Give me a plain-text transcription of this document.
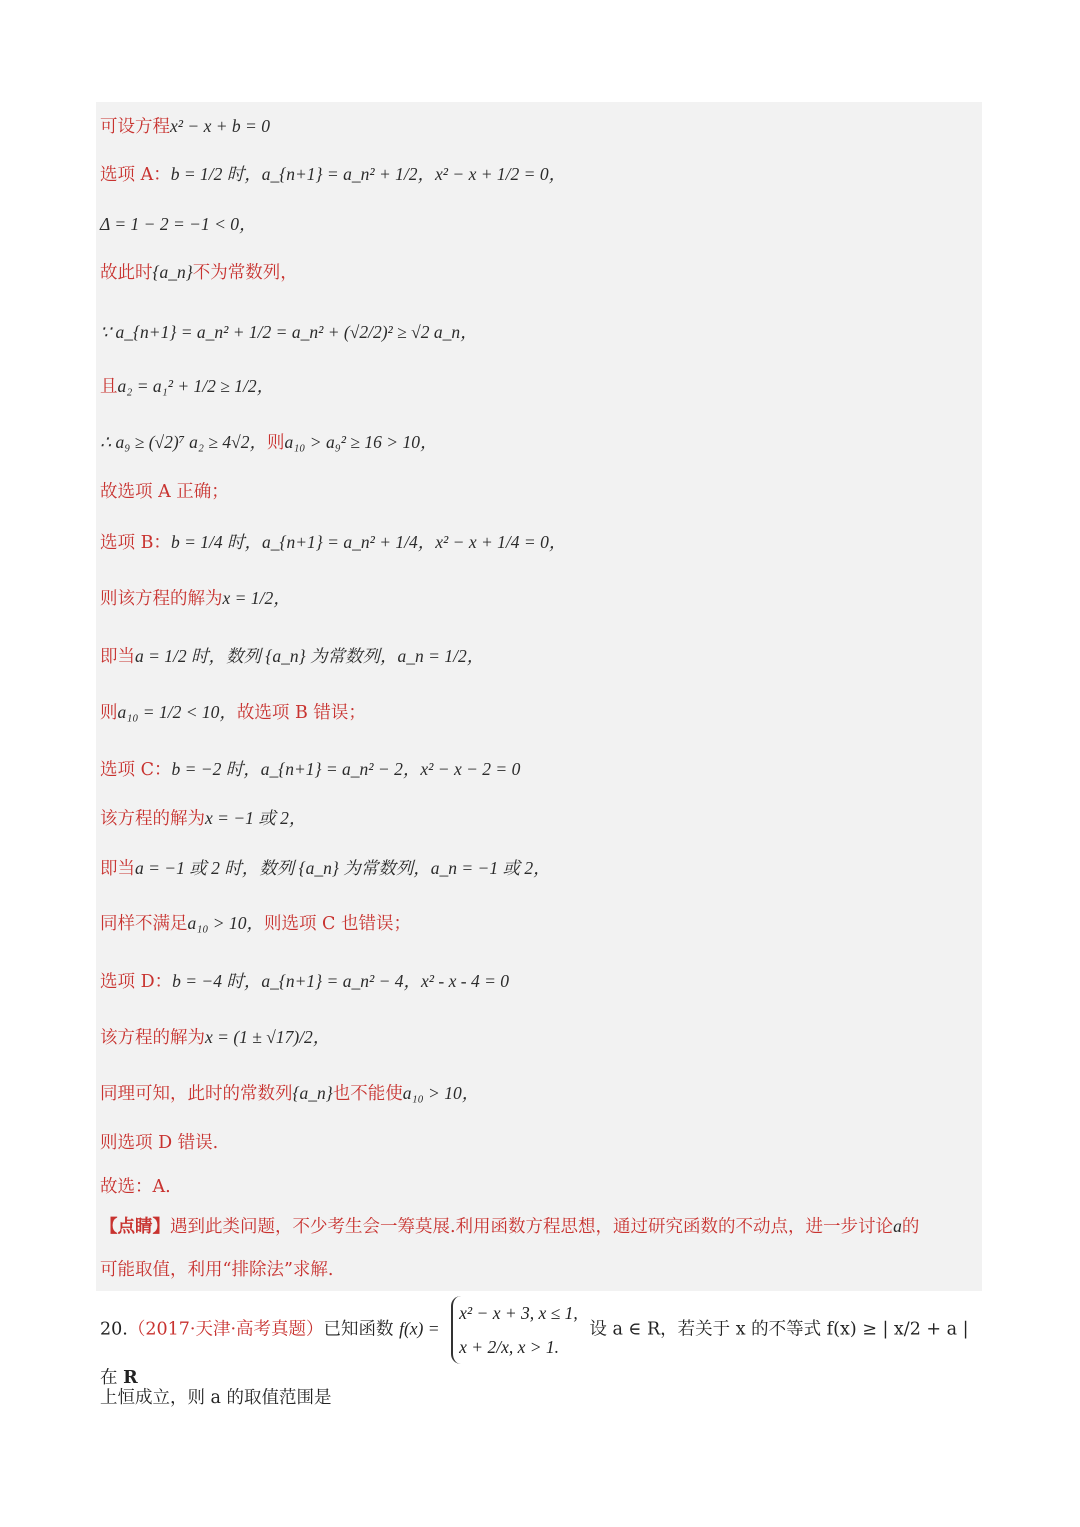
可设方程x² − x + b = 0
选项 A：b = 1/2 时，a_{n+1} = a_n² + 1/2，x² − x + 1/2 = 0，
Δ = 1 − 2 = −1 < 0，
故此时{a_n}不为常数列，
∵ a_{n+1} = a_n² + 1/2 = a_n² + (√2/2)² ≥ √2 a_n，
且a₂ = a₁² + 1/2 ≥ 1/2，
∴ a₉ ≥ (√2)⁷ a₂ ≥ 4√2，则a₁₀ > a₉² ≥ 16 > 10，
故选项 A 正确；
选项 B：b = 1/4 时，a_{n+1} = a_n² + 1/4，x² − x + 1/4 = 0，
则该方程的解为x = 1/2，
即当a = 1/2 时，数列 {a_n} 为常数列，a_n = 1/2，
则a₁₀ = 1/2 < 10，故选项 B 错误；
选项 C：b = −2 时，a_{n+1} = a_n² − 2，x² − x − 2 = 0
该方程的解为x = −1 或 2，
即当a = −1 或 2 时，数列 {a_n} 为常数列，a_n = −1 或 2，
同样不满足a₁₀ > 10，则选项 C 也错误；
选项 D：b = −4 时，a_{n+1} = a_n² − 4，x² - x - 4 = 0
该方程的解为x = (1 ± √17)/2，
同理可知，此时的常数列{a_n}也不能使a₁₀ > 10，
则选项 D 错误.
故选：A.
【点睛】遇到此类问题，不少考生会一筹莫展.利用函数方程思想，通过研究函数的不动点，进一步讨论a的
可能取值，利用“排除法”求解.
20.（2017·天津·高考真题）已知函数 f(x) =
x² − x + 3, x ≤ 1,
x + 2/x, x > 1.
设 a ∈ R，若关于 x 的不等式 f(x) ≥ | x/2 + a | 在 R
上恒成立，则 a 的取值范围是
